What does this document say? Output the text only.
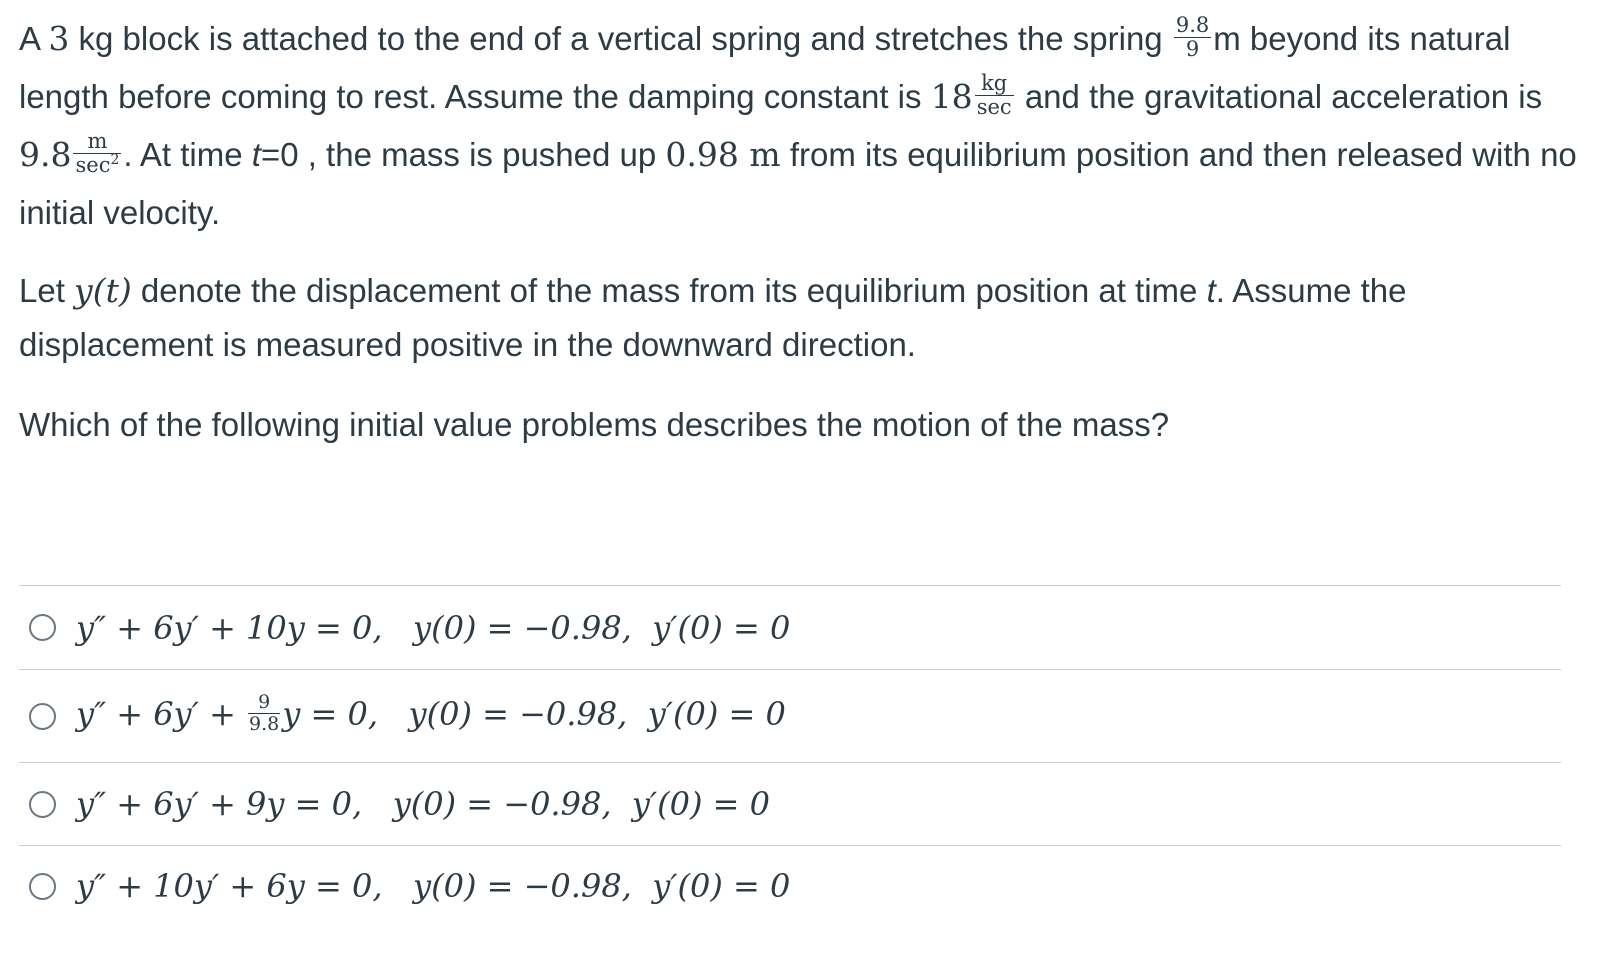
A 3 kg block is attached to the end of a vertical spring and stretches the spring $\frac{9.8}{9}$ m beyond its natural length before coming to rest. Assume the damping constant is $18 \frac{kg}{\sec}$ and the gravitational acceleration is $9.8 \frac{m}{\sec^2}$ . At time t=0 , the mass is pushed up 0.98 m from its equilibrium position and then released with no initial velocity.

Let y(t) denote the displacement of the mass from its equilibrium position at time t. Assume the displacement is measured positive in the downward direction.

Which of the following initial value problems describes the motion of the mass?

y″ + 6y′ + 10y = 0, y(0) = −0.98,  y′(0) = 0
$y'' + 6y' + \frac{9}{9.8}$ y = 0, y(0) = −0.98,  y′(0) = 0
y″ + 6y′ + 9y = 0, y(0) = −0.98,  y′(0) = 0
y″ + 10y′ + 6y = 0, y(0) = −0.98,  y′(0) = 0
